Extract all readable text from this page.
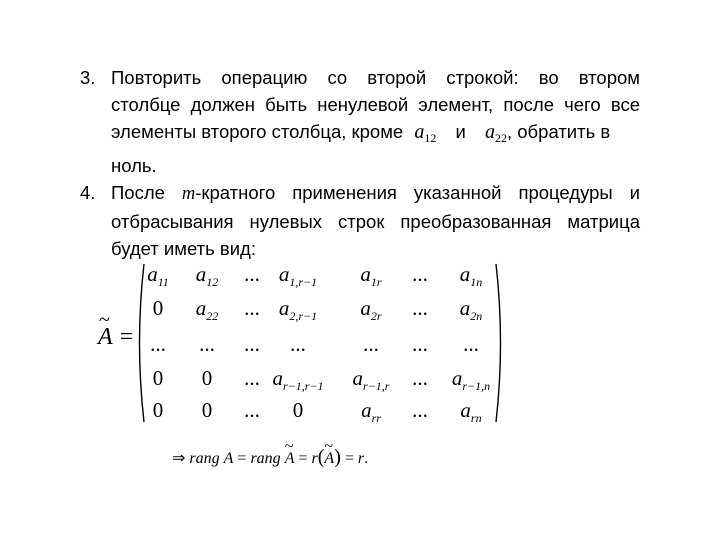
3. Повторить операцию со второй строкой: во втором
столбце должен быть ненулевой элемент, после чего все
элементы второго столбца, кроме $a_{12}$ и $a_{22}$, обратить в
ноль.
4. После m-кратного применения указанной процедуры и
отбрасывания нулевых строк преобразованная матрица
будет иметь вид:
~ A =
$a_{11}$ $a_{12}$ ... $a_{1,r-1}$ $a_{1r}$ ... $a_{1n}$
0 $a_{22}$ ... $a_{2,r-1}$ $a_{2r}$ ... $a_{2n}$
... ... ... ...	... ... ...
0 0 ... $a_{r-1,r-1}$ $a_{r-1,r}$ ... $a_{r-1,n}$
0 0 ... 0	$a_{rr}$ ... $a_{rn}$
⇒ rang A = rang ~ A = r(~ A) = r.
